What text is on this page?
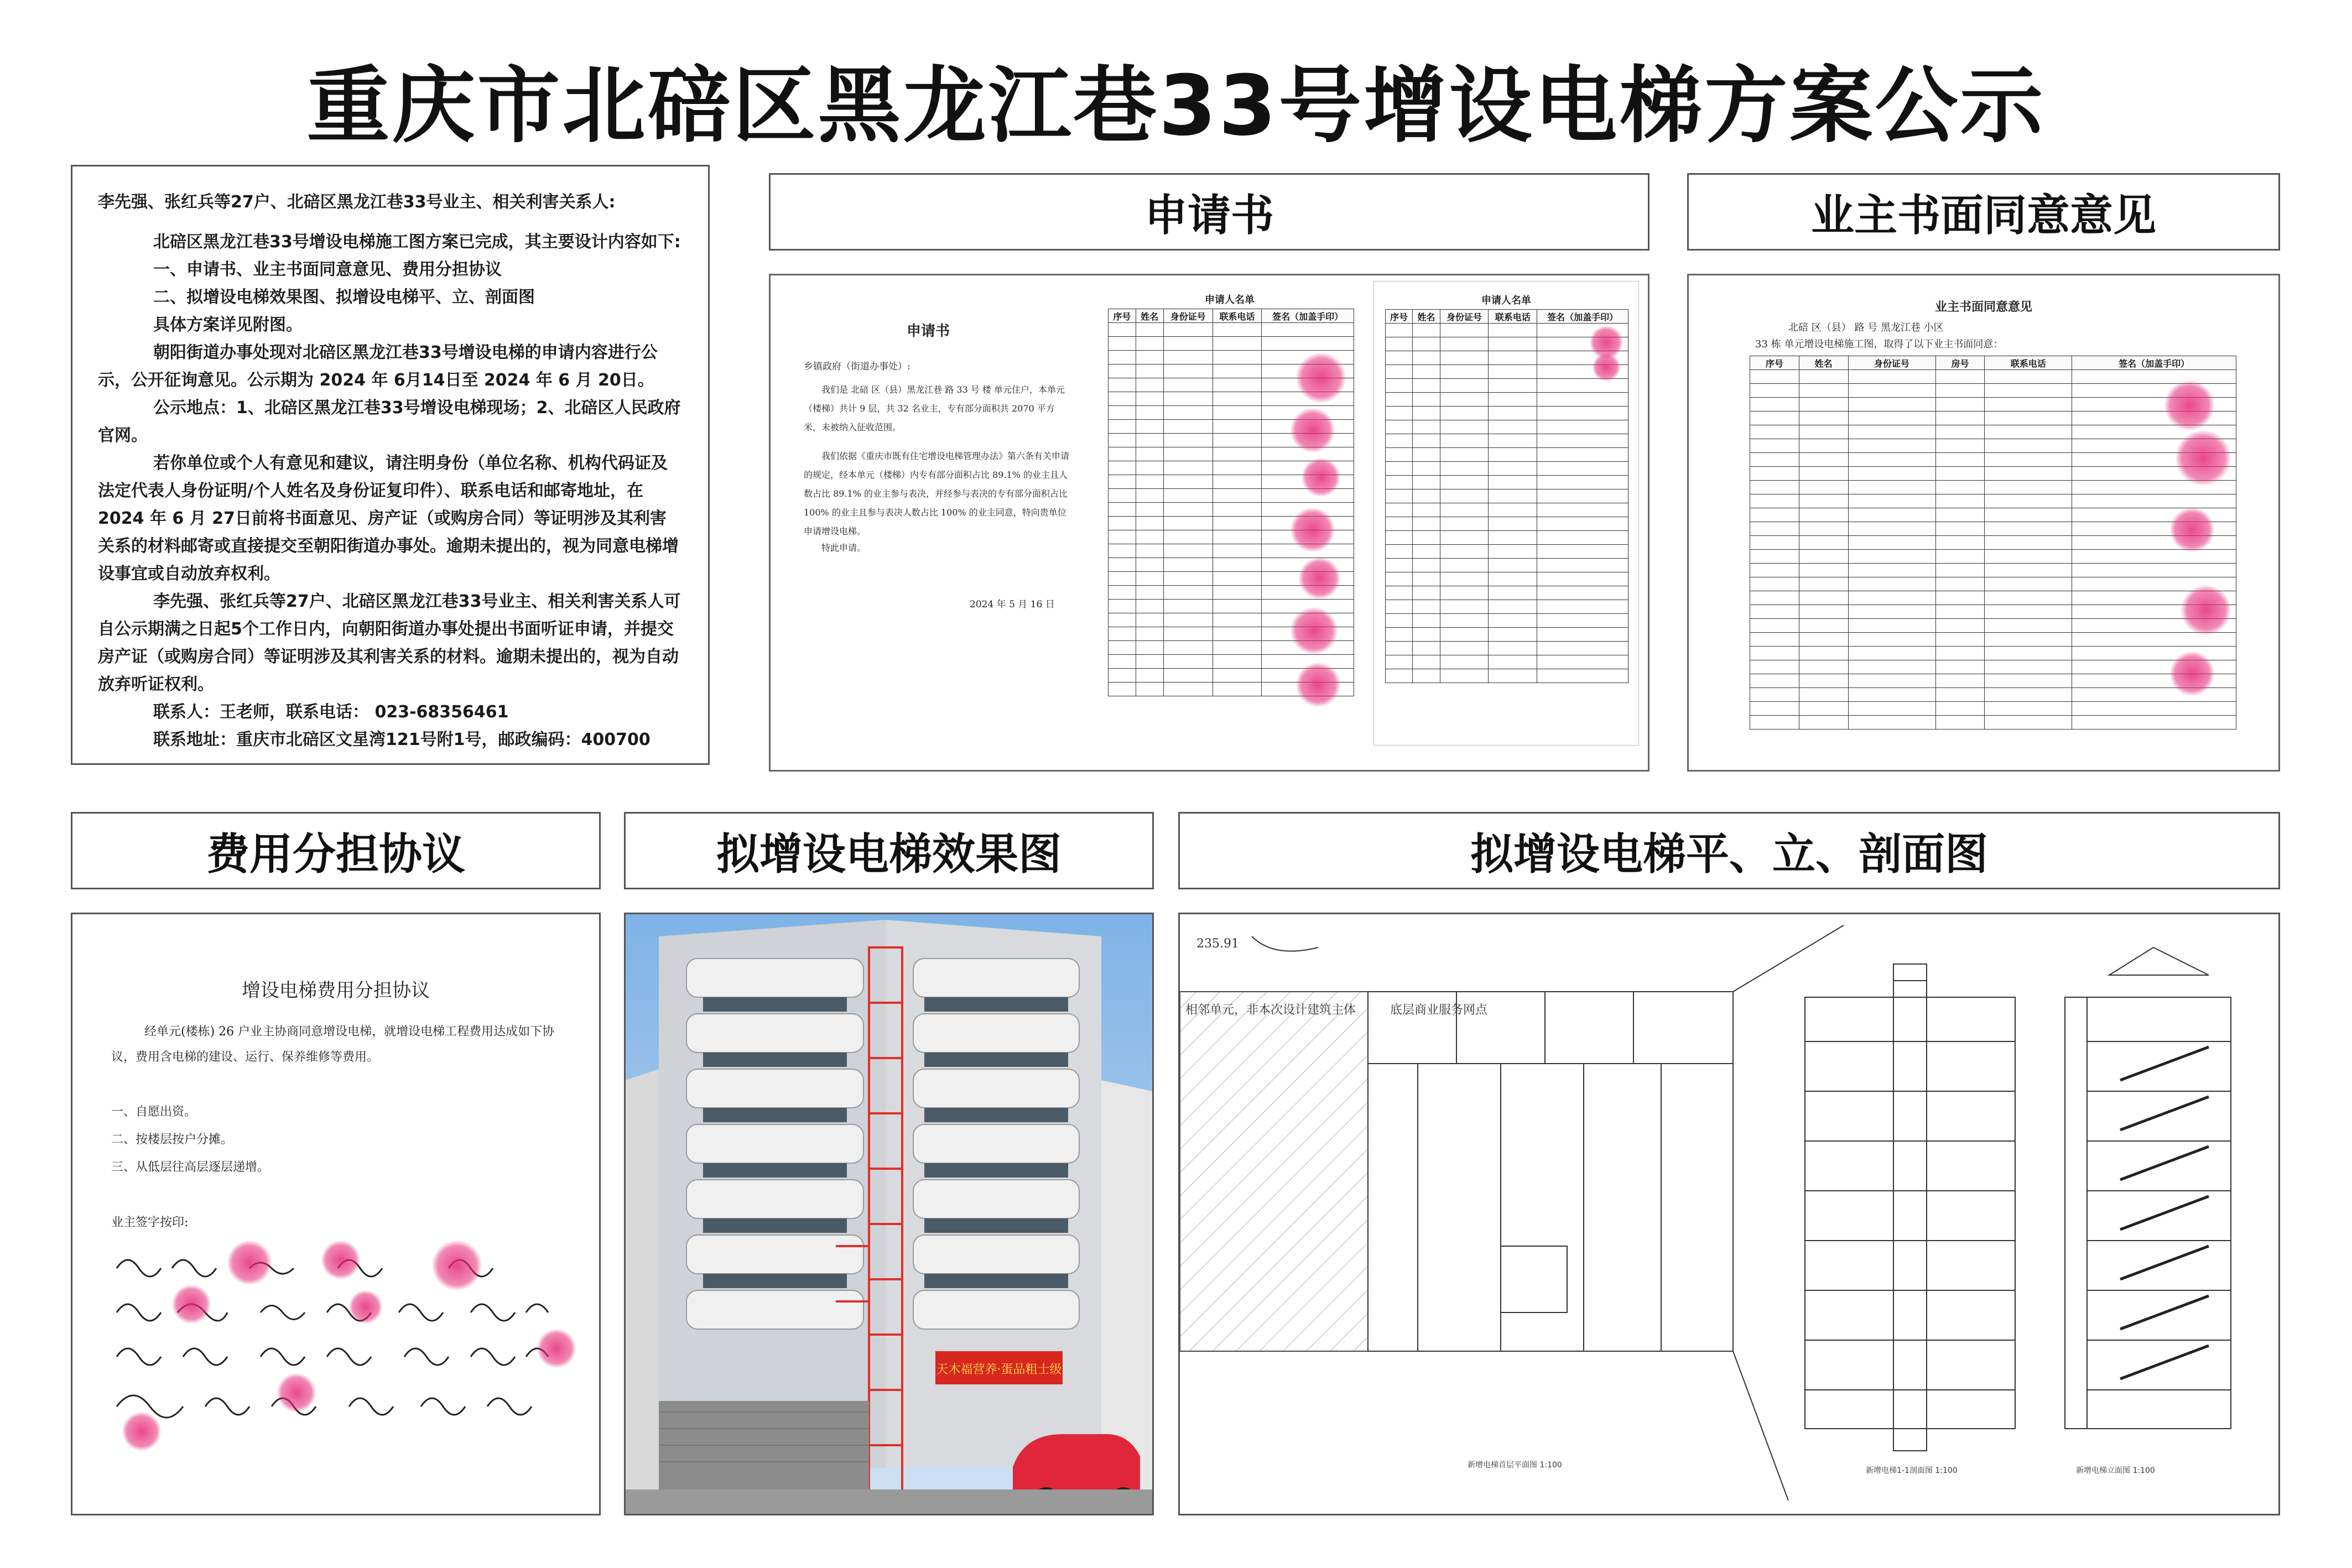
重庆市北碚区黑龙江巷33号增设电梯方案公示

李先强、张红兵等27户、北碚区黑龙江巷33号业主、相关利害关系人:

北碚区黑龙江巷33号增设电梯施工图方案已完成，其主要设计内容如下:

一、申请书、业主书面同意意见、费用分担协议

二、拟增设电梯效果图、拟增设电梯平、立、剖面图

具体方案详见附图。

朝阳街道办事处现对北碚区黑龙江巷33号增设电梯的申请内容进行公示，公开征询意见。公示期为 2024 年 6月14日至 2024 年 6 月 20日。

公示地点：1、北碚区黑龙江巷33号增设电梯现场；2、北碚区人民政府官网。

若你单位或个人有意见和建议，请注明身份（单位名称、机构代码证及法定代表人身份证明/个人姓名及身份证复印件）、联系电话和邮寄地址，在 2024 年 6 月 27日前将书面意见、房产证（或购房合同）等证明涉及其利害关系的材料邮寄或直接提交至朝阳街道办事处。逾期未提出的，视为同意电梯增设事宜或自动放弃权利。

李先强、张红兵等27户、北碚区黑龙江巷33号业主、相关利害关系人可自公示期满之日起5个工作日内，向朝阳街道办事处提出书面听证申请，并提交房产证（或购房合同）等证明涉及其利害关系的材料。逾期未提出的，视为自动放弃听证权利。

联系人：王老师，联系电话： 023-68356461

联系地址：重庆市北碚区文星湾121号附1号，邮政编码：400700

申请书	业主书面同意意见
申请书
乡镇政府（街道办事处）:
我们是 北碚 区（县）黑龙江巷 路 33 号 楼 单元住户，本单元（楼梯）共计 9 层，共 32 名业主，专有部分面积共 2070 平方米，未被纳入征收范围。
我们依据《重庆市既有住宅增设电梯管理办法》第六条有关申请的规定，经本单元（楼梯）内专有部分面积占比 89.1% 的业主且人数占比 89.1% 的业主参与表决，并经参与表决的专有部分面积占比 100% 的业主且参与表决人数占比 100% 的业主同意，特向贵单位申请增设电梯。
特此申请。
2024 年 5 月 16 日
申请人名单
序号	姓名	身份证号	联系电话	签名（加盖手印）

申请人名单
序号	姓名	身份证号	联系电话	签名（加盖手印）

业主书面同意意见
北碚 区（县） 路 号 黑龙江巷 小区
33 栋 单元增设电梯施工图，取得了以下业主书面同意：
序号	姓名	身份证号	房号	联系电话	签名（加盖手印）

费用分担协议	拟增设电梯效果图	拟增设电梯平、立、剖面图
增设电梯费用分担协议
经单元(楼栋) 26 户业主协商同意增设电梯，就增设电梯工程费用达成如下协议，费用含电梯的建设、运行、保养维修等费用。
一、自愿出资。
二、按楼层按户分摊。
三、从低层往高层逐层递增。
业主签字按印:
天木福营养·蛋品粗士级
235.91
相邻单元，非本次设计建筑主体	底层商业服务网点
新增电梯首层平面图 1:100
新增电梯1-1剖面图 1:100	新增电梯立面图 1:100
